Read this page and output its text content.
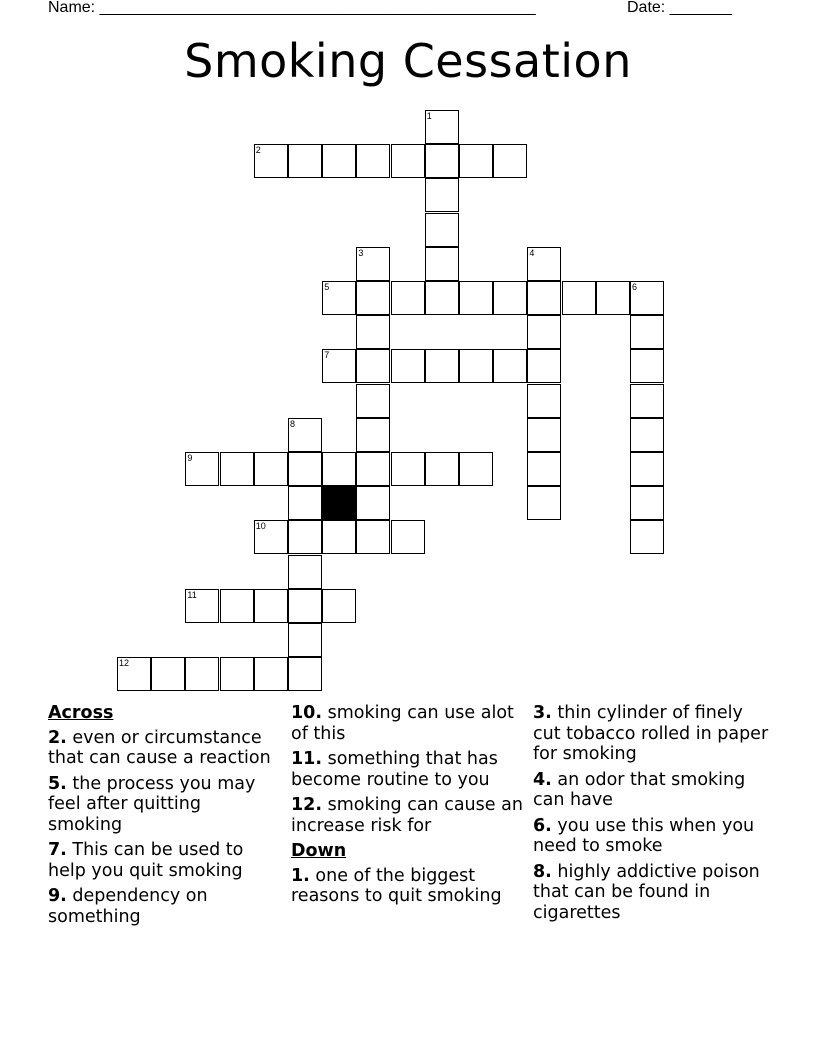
Name: _________________________________________________	Date: _______
Smoking Cessation
2
5	6
7
9
10
11
12
1
3	4
8
Across
2. even or circumstance that can cause a reaction
5. the process you may feel after quitting smoking
7. This can be used to help you quit smoking
9. dependency on something
10. smoking can use alot of this
11. something that has become routine to you
12. smoking can cause an increase risk for
Down
1. one of the biggest reasons to quit smoking
3. thin cylinder of finely cut tobacco rolled in paper for smoking
4. an odor that smoking can have
6. you use this when you need to smoke
8. highly addictive poison that can be found in cigarettes
